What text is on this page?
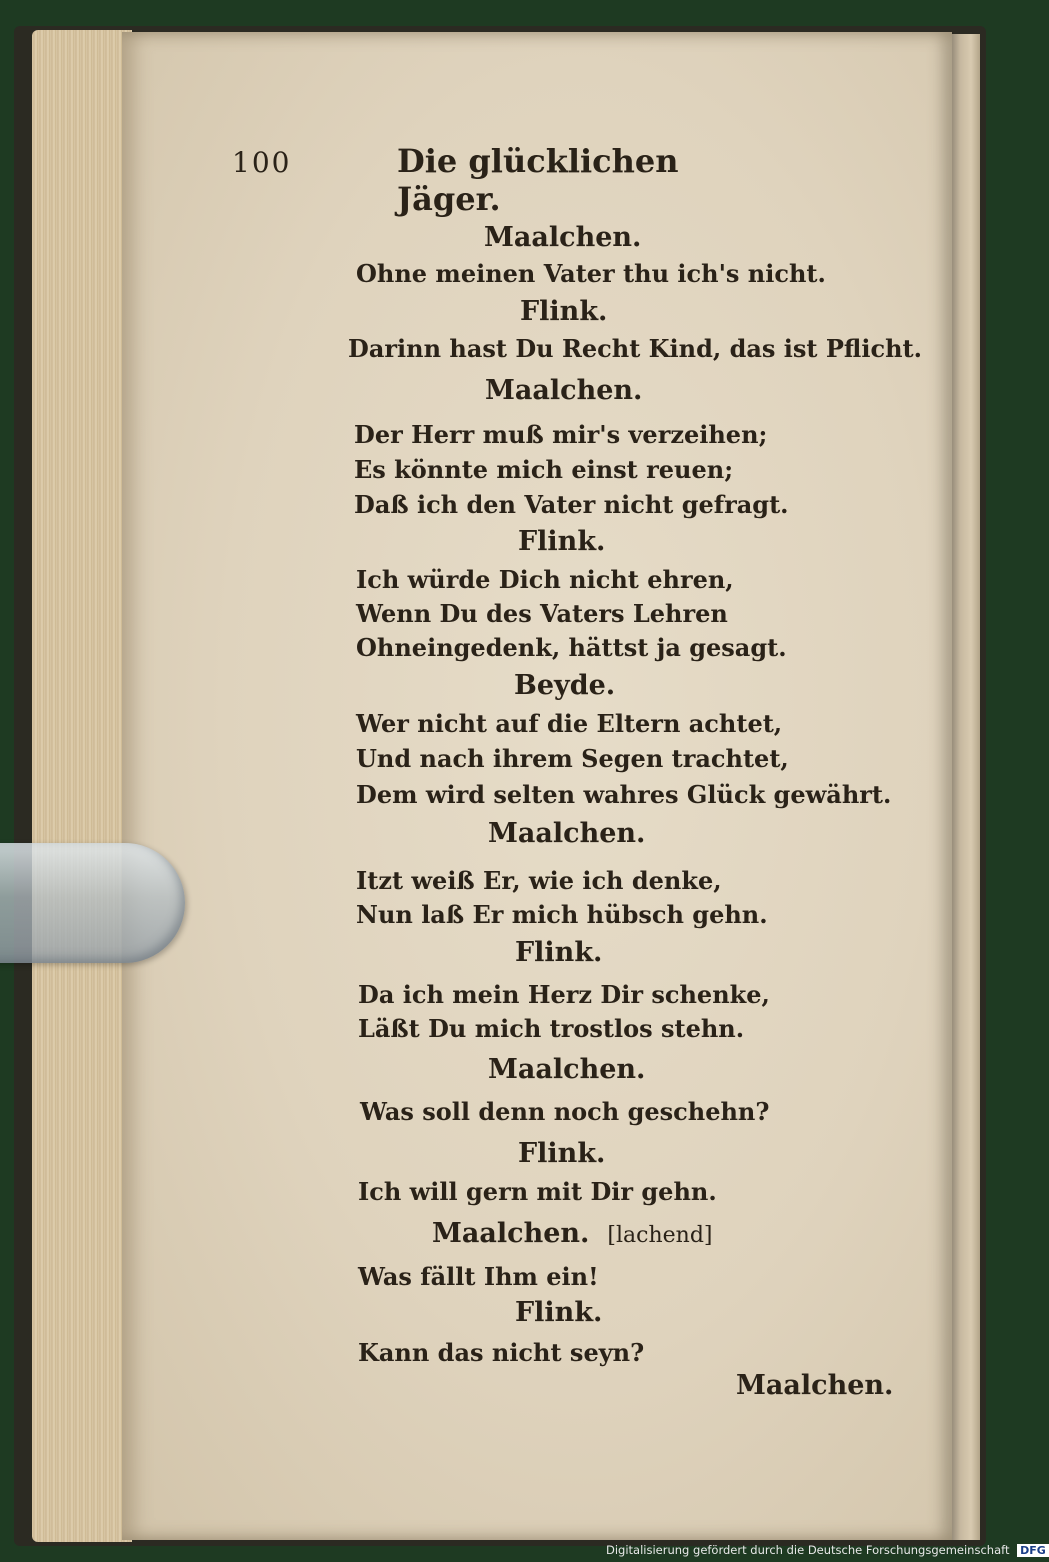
100	Die glücklichen Jäger.
Maalchen.
Ohne meinen Vater thu ich's nicht.
Flink.
Darinn hast Du Recht Kind, das ist Pflicht.
Maalchen.
Der Herr muß mir's verzeihen;
Es könnte mich einst reuen;
Daß ich den Vater nicht gefragt.
Flink.
Ich würde Dich nicht ehren,
Wenn Du des Vaters Lehren
Ohneingedenk, hättst ja gesagt.
Beyde.
Wer nicht auf die Eltern achtet,
Und nach ihrem Segen trachtet,
Dem wird selten wahres Glück gewährt.
Maalchen.
Itzt weiß Er, wie ich denke,
Nun laß Er mich hübsch gehn.
Flink.
Da ich mein Herz Dir schenke,
Läßt Du mich trostlos stehn.
Maalchen.
Was soll denn noch geschehn?
Flink.
Ich will gern mit Dir gehn.
Maalchen. [lachend]
Was fällt Ihm ein!
Flink.
Kann das nicht seyn?
Maalchen.
Digitalisierung gefördert durch die Deutsche Forschungsgemeinschaft DFG
